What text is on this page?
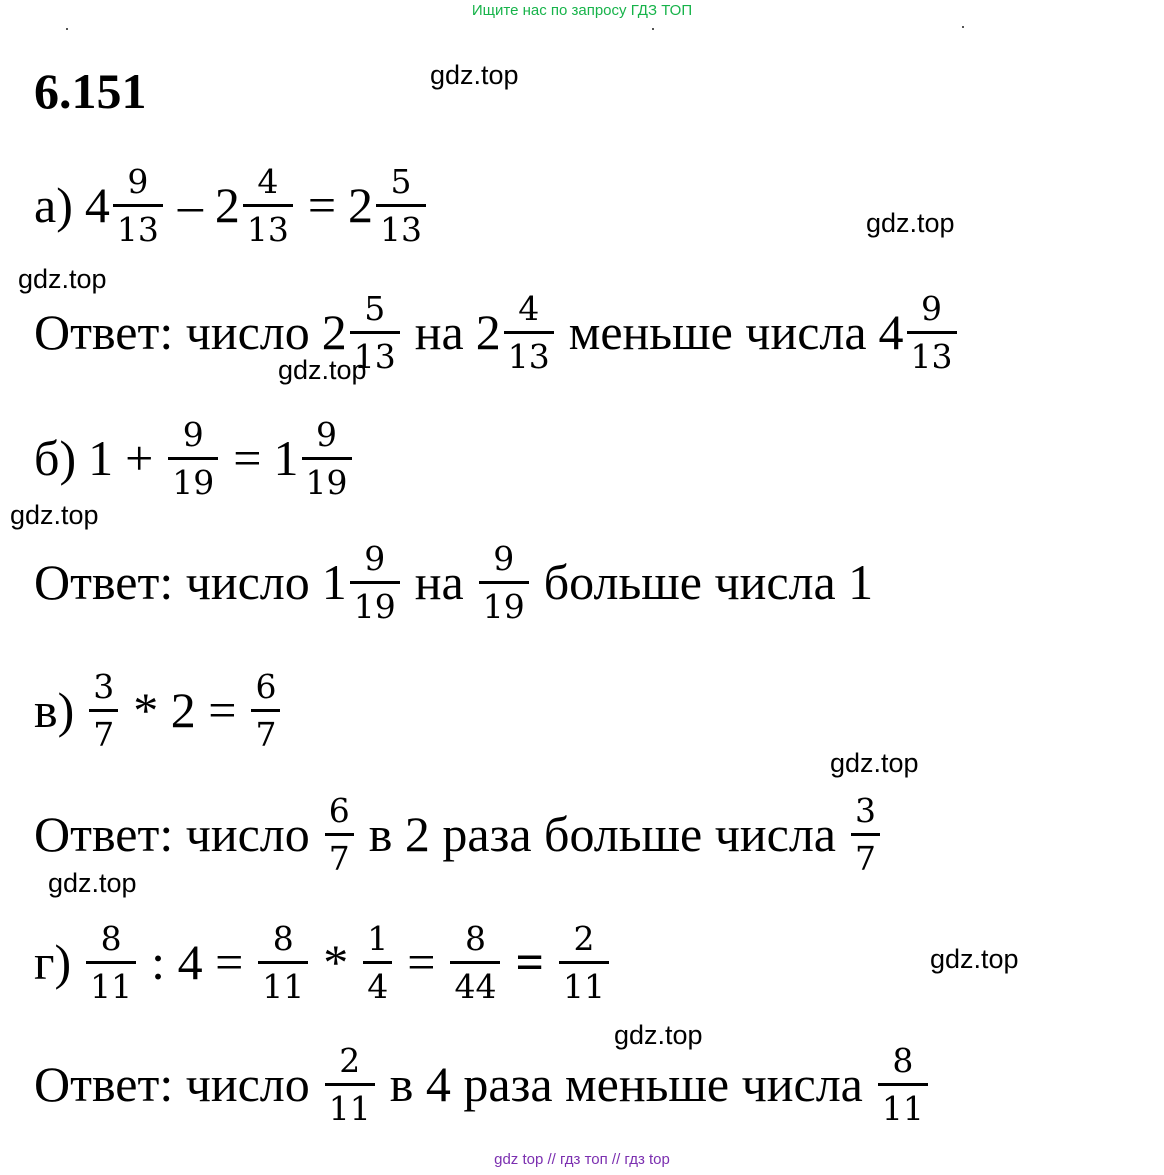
Ищите нас по запросу ГДЗ ТОП
6.151	gdz.top
gdz.top
gdz.top
gdz.top
gdz.top
gdz.top
gdz.top
gdz.top
gdz.top
а) $4 \frac{9}{13} - 2 \frac{4}{13} = 2 \frac{5}{13}$
Ответ: число $2 \frac{5}{13}$ на $2 \frac{4}{13}$ меньше числа $4 \frac{9}{13}$
б) $1 + \frac{9}{19} = 1 \frac{9}{19}$
Ответ: число $1 \frac{9}{19}$ на $\frac{9}{19}$ больше числа 1
$в) \frac{3}{7} * 2 = \frac{6}{7}$
Ответ: число $\frac{6}{7}$ в 2 раза больше числа $\frac{3}{7}$
$г) \frac{8}{11}$ : $4 = \frac{8}{11} * \frac{1}{4} = \frac{8}{44} = \frac{2}{11}$
Ответ: число $\frac{2}{11}$ в 4 раза меньше числа $\frac{8}{11}$
gdz top // гдз топ // гдз top
